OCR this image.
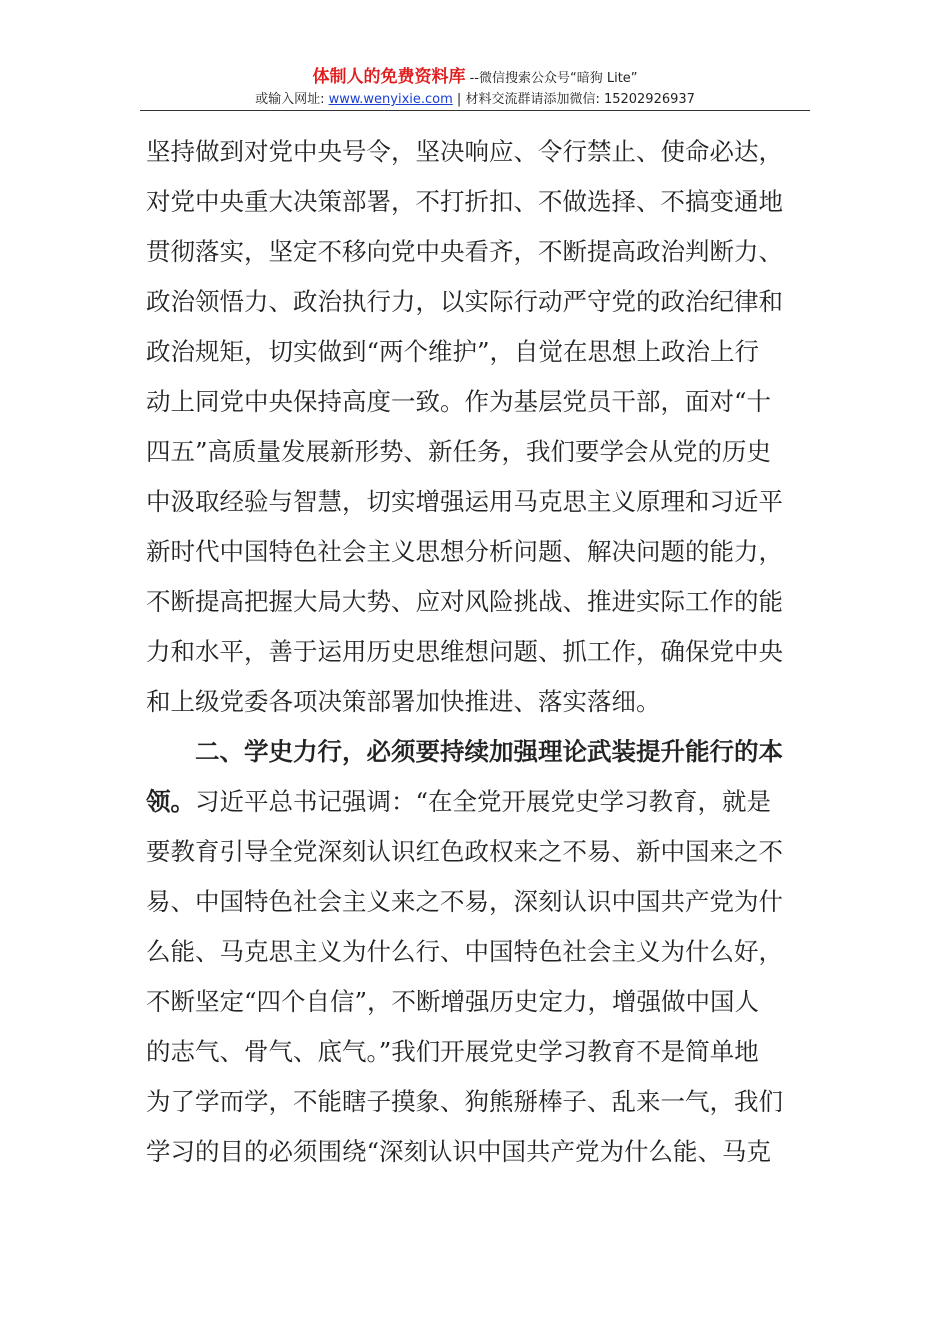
体制人的免费资料库 --微信搜索公众号“暗狗 Lite”
或输入网址: www.wenyixie.com | 材料交流群请添加微信: 15202926937
坚持做到对党中央号令，坚决响应、令行禁止、使命必达，
对党中央重大决策部署，不打折扣、不做选择、不搞变通地
贯彻落实，坚定不移向党中央看齐，不断提高政治判断力、
政治领悟力、政治执行力，以实际行动严守党的政治纪律和
政治规矩，切实做到“两个维护”，自觉在思想上政治上行
动上同党中央保持高度一致。作为基层党员干部，面对“十
四五”高质量发展新形势、新任务，我们要学会从党的历史
中汲取经验与智慧，切实增强运用马克思主义原理和习近平
新时代中国特色社会主义思想分析问题、解决问题的能力，
不断提高把握大局大势、应对风险挑战、推进实际工作的能
力和水平，善于运用历史思维想问题、抓工作，确保党中央
和上级党委各项决策部署加快推进、落实落细。
二、学史力行，必须要持续加强理论武装提升能行的本
领。习近平总书记强调：“在全党开展党史学习教育，就是
要教育引导全党深刻认识红色政权来之不易、新中国来之不
易、中国特色社会主义来之不易，深刻认识中国共产党为什
么能、马克思主义为什么行、中国特色社会主义为什么好，
不断坚定“四个自信”，不断增强历史定力，增强做中国人
的志气、骨气、底气。”我们开展党史学习教育不是简单地
为了学而学，不能瞎子摸象、狗熊掰棒子、乱来一气，我们
学习的目的必须围绕“深刻认识中国共产党为什么能、马克
